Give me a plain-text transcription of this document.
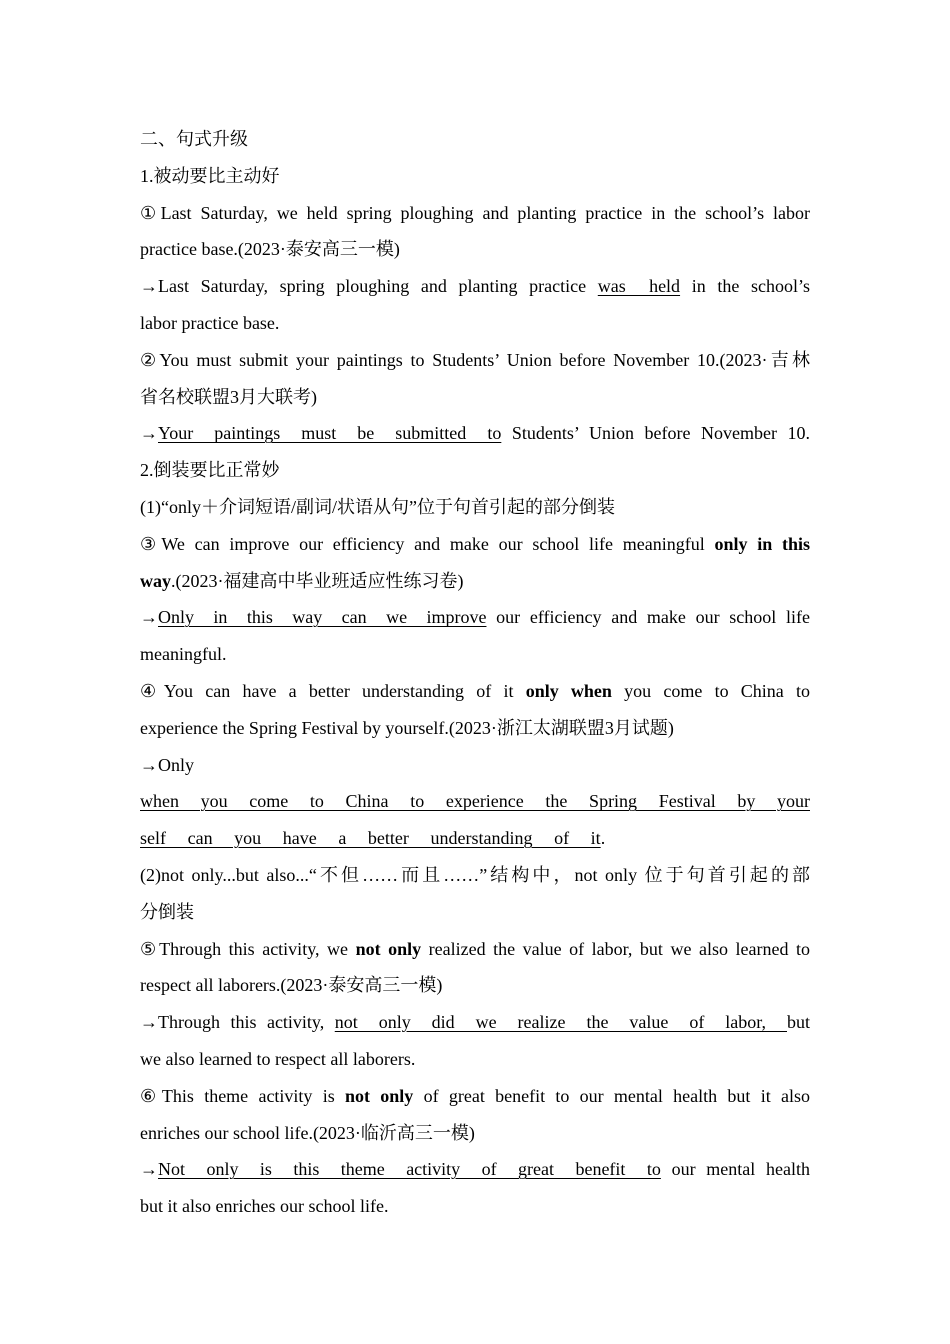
二、句式升级
1.被动要比主动好
①Last Saturday, we held spring ploughing and planting practice in the school’s labor
practice base.(2023·泰安高三一模)
→Last Saturday, spring ploughing and planting practice was  held in the school’s
labor practice base.
②You must submit your paintings to Students’ Union before November 10.(2023·吉林
省名校联盟3月大联考)
→Your  paintings  must  be  submitted  to Students’ Union before November 10.
2.倒装要比正常妙
(1)“only＋介词短语/副词/状语从句”位于句首引起的部分倒装
③We can improve our efficiency and make our school life meaningful only in this
way.(2023·福建高中毕业班适应性练习卷)
→Only  in  this  way  can  we  improve our efficiency and make our school life
meaningful.
④You can have a better understanding of it only when you come to China to
experience the Spring Festival by yourself.(2023·浙江太湖联盟3月试题)
→Only
when you come to China to experience the Spring Festival by your
self can you have a better understanding of it.
(2)not only...but also...“不但……而且……”结构中，not only 位于句首引起的部
分倒装
⑤Through this activity, we not only realized the value of labor, but we also learned to
respect all laborers.(2023·泰安高三一模)
→Through this activity, not  only  did  we  realize  the  value  of  labor,  but
we also learned to respect all laborers.
⑥This theme activity is not only of great benefit to our mental health but it also
enriches our school life.(2023·临沂高三一模)
→Not  only  is  this  theme  activity  of  great  benefit  to our mental health
but it also enriches our school life.
